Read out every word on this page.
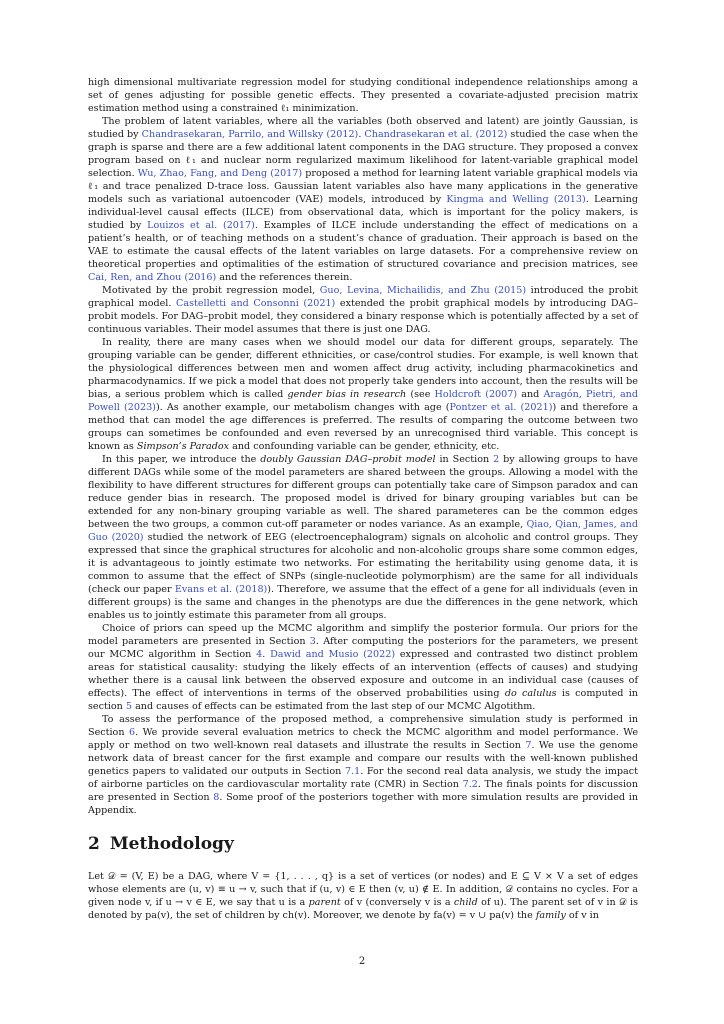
high dimensional multivariate regression model for studying conditional independence relationships among a set of genes adjusting for possible genetic effects. They presented a covariate-adjusted precision matrix estimation method using a constrained ℓ₁ minimization.

The problem of latent variables, where all the variables (both observed and latent) are jointly Gaussian, is studied by Chandrasekaran, Parrilo, and Willsky (2012). Chandrasekaran et al. (2012) studied the case when the graph is sparse and there are a few additional latent components in the DAG structure. They proposed a convex program based on ℓ₁ and nuclear norm regularized maximum likelihood for latent-variable graphical model selection. Wu, Zhao, Fang, and Deng (2017) proposed a method for learning latent variable graphical models via ℓ₁ and trace penalized D-trace loss. Gaussian latent variables also have many applications in the generative models such as variational autoencoder (VAE) models, introduced by Kingma and Welling (2013). Learning individual-level causal effects (ILCE) from observational data, which is important for the policy makers, is studied by Louizos et al. (2017). Examples of ILCE include understanding the effect of medications on a patient’s health, or of teaching methods on a student’s chance of graduation. Their approach is based on the VAE to estimate the causal effects of the latent variables on large datasets. For a comprehensive review on theoretical properties and optimalities of the estimation of structured covariance and precision matrices, see Cai, Ren, and Zhou (2016) and the references therein.

Motivated by the probit regression model, Guo, Levina, Michailidis, and Zhu (2015) introduced the probit graphical model. Castelletti and Consonni (2021) extended the probit graphical models by introducing DAG–probit models. For DAG–probit model, they considered a binary response which is potentially affected by a set of continuous variables. Their model assumes that there is just one DAG.

In reality, there are many cases when we should model our data for different groups, separately. The grouping variable can be gender, different ethnicities, or case/control studies. For example, is well known that the physiological differences between men and women affect drug activity, including pharmacokinetics and pharmacodynamics. If we pick a model that does not properly take genders into account, then the results will be bias, a serious problem which is called gender bias in research (see Holdcroft (2007) and Aragón, Pietri, and Powell (2023)). As another example, our metabolism changes with age (Pontzer et al. (2021)) and therefore a method that can model the age differences is preferred. The results of comparing the outcome between two groups can sometimes be confounded and even reversed by an unrecognised third variable. This concept is known as Simpson’s Paradox and confounding variable can be gender, ethnicity, etc.

In this paper, we introduce the doubly Gaussian DAG–probit model in Section 2 by allowing groups to have different DAGs while some of the model parameters are shared between the groups. Allowing a model with the flexibility to have different structures for different groups can potentially take care of Simpson paradox and can reduce gender bias in research. The proposed model is drived for binary grouping variables but can be extended for any non-binary grouping variable as well. The shared parameteres can be the common edges between the two groups, a common cut-off parameter or nodes variance. As an example, Qiao, Qian, James, and Guo (2020) studied the network of EEG (electroencephalogram) signals on alcoholic and control groups. They expressed that since the graphical structures for alcoholic and non-alcoholic groups share some common edges, it is advantageous to jointly estimate two networks. For estimating the heritability using genome data, it is common to assume that the effect of SNPs (single-nucleotide polymorphism) are the same for all individuals (check our paper Evans et al. (2018)). Therefore, we assume that the effect of a gene for all individuals (even in different groups) is the same and changes in the phenotyps are due the differences in the gene network, which enables us to jointly estimate this parameter from all groups.

Choice of priors can speed up the MCMC algorithm and simplify the posterior formula. Our priors for the model parameters are presented in Section 3. After computing the posteriors for the parameters, we present our MCMC algorithm in Section 4. Dawid and Musio (2022) expressed and contrasted two distinct problem areas for statistical causality: studying the likely effects of an intervention (effects of causes) and studying whether there is a causal link between the observed exposure and outcome in an individual case (causes of effects). The effect of interventions in terms of the observed probabilities using do calulus is computed in section 5 and causes of effects can be estimated from the last step of our MCMC Algotithm.

To assess the performance of the proposed method, a comprehensive simulation study is performed in Section 6. We provide several evaluation metrics to check the MCMC algorithm and model performance. We apply or method on two well-known real datasets and illustrate the results in Section 7. We use the genome network data of breast cancer for the first example and compare our results with the well-known published genetics papers to validated our outputs in Section 7.1. For the second real data analysis, we study the impact of airborne particles on the cardiovascular mortality rate (CMR) in Section 7.2. The finals points for discussion are presented in Section 8. Some proof of the posteriors together with more simulation results are provided in Appendix.

2 Methodology

Let 𝒟 = (V, E) be a DAG, where V = {1, . . . , q} is a set of vertices (or nodes) and E ⊆ V × V a set of edges whose elements are (u, v) ≡ u → v, such that if (u, v) ∈ E then (v, u) ∉ E. In addition, 𝒟 contains no cycles. For a given node v, if u → v ∈ E, we say that u is a parent of v (conversely v is a child of u). The parent set of v in 𝒟 is denoted by pa(v), the set of children by ch(v). Moreover, we denote by fa(v) = v ∪ pa(v) the family of v in

2
